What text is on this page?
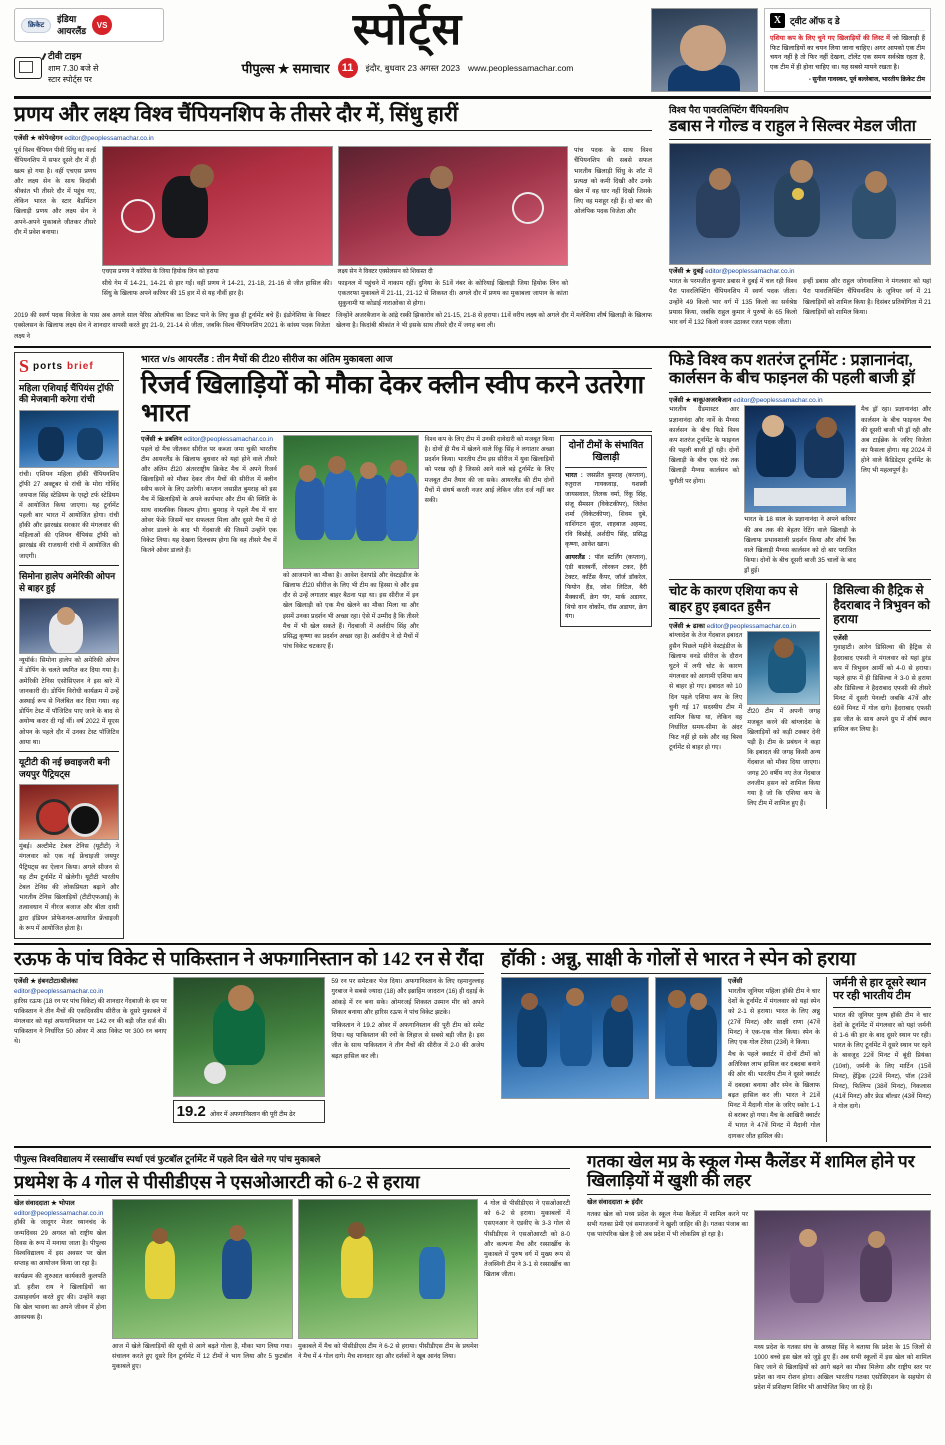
क्रिकेट
इंडिया
आयरलैंड
VS
टीवी टाइम
शाम 7.30 बजे से
स्टार स्पोर्ट्स पर
स्पोर्ट्स
पीपुल्स ★ समाचार	11	इंदौर, बुधवार 23 अगस्त 2023 www.peoplessamachar.com
X ट्वीट ऑफ द डे
एशिया कप के लिए चुने गए खिलाड़ियों की लिस्ट में जो खिलाड़ी हैं फिट खिलाड़ियों का चयन लिया जाना चाहिए। अगर आपको एक टीम चयन नहीं है तो फिर नहीं देखना, टॉलेंट एक समय सर्वश्रेष्ठ रहता है, एक टीम में ही होना चाहिए था। यह सबसे मायने रखता है।
- सुनील गावस्कर, पूर्व बल्लेबाज, भारतीय क्रिकेट टीम
प्रणय और लक्ष्य विश्व चैंपियनशिप के तीसरे दौर में, सिंधु हारीं
एजेंसी ★ कोपेनहेगन editor@peoplessamachar.co.in
पूर्व विश्व चैंपियन पीवी सिंधु का वर्ल्ड चैंपियनशिप में सफर दूसरे दौर में ही खत्म हो गया है। वहीं एचएस प्रणय और लक्ष्य सेन के साथ किदांबी श्रीकांत भी तीसरे दौर में पहुंच गए, लेकिन भारत के स्टार बैडमिंटन खिलाड़ी प्रणय और लक्ष्य सेन ने अपने-अपने मुकाबले जीतकर तीसरे दौर में प्रवेश बनाया।
एचएस प्रणय ने कोरिया के जिया हियोक लिन को हराया	लक्ष्य सेन ने विक्टर एक्सेलसन को शिकस्त दी
सीधे गेम में 14-21, 14-21 से हार गईं। वहीं प्रणय ने 14-21, 21-18, 21-16 से जीत हासिल की। सिंधु के खिलाफ अपने करियर की 15 हार में से यह नौवीं हार है।
फाइनल में पहुंचने में नाकाम रहीं। दुनिया के 51वें नंबर के कोरियाई खिलाड़ी जिया हियोक लिन को एकतरफा मुकाबले में 21-11, 21-12 से शिकस्त दी। अगले दौर में प्रणय का मुकाबला जापान के कांता सुकुनामी या कोडाई नाराओका से होगा।
पांच पदक के साथ विश्व चैंपियनशिप की सबसे सफल भारतीय खिलाड़ी सिंधु के शॉट में प्रत्यक्ष को कमी दिखी और उनके खेल में वह धार नहीं दिखी जिसके लिए वह मशहूर रही हैं। दो बार की ओलंपिक पदक विजेता और
2019 की स्वर्ण पदक विजेता के पास अब अगले साल पेरिस ओलंपिक का टिकट पाने के लिए कुछ ही टूर्नामेंट बचे हैं। इंडोनेशिया के विक्टर एक्सेलसन के खिलाफ लक्ष्य सेन ने शानदार वापसी करते हुए 21-9, 21-14 से जीता, जबकि विश्व चैंपियनशिप 2021 के कांस्य पदक विजेता लक्ष्य ने
जिन्होंने अजरबैजान के आंद्रे रस्की झिकारोव को 21-15, 21-8 से हराया। 11वें वरीय लक्ष्य को अगले दौर में मलेशिया शीर्ष खिलाड़ी के खिलाफ खेलना है। किदांबी श्रीकांत ने भी इसके साथ तीसरे दौर में जगह बना ली।
विश्व पैरा पावरलिफ्टिंग चैंपियनशिप
डबास ने गोल्ड व राहुल ने सिल्वर मेडल जीता
एजेंसी ★ दुबई editor@peoplessamachar.co.in
भारत के परमजीत कुमार डबास ने दुबई में चल रही विश्व पैरा पावरलिफ्टिंग चैंपियनशिप में स्वर्ण पदक जीता। उन्होंने 49 किलो भार वर्ग में 135 किलो का सर्वश्रेष्ठ प्रयास किया, जबकि राहुल कुमार ने पुरुषों के 65 किलो भार वर्ग में 132 किलो वजन उठाकर रजत पदक जीता।
इन्हीं डबास और राहुल जोगवालिया ने मंगलवार को यहां पैरा पावरलिफ्टिंग चैंपियनशिप के जूनियर वर्ग में 21 खिलाड़ियों को शामिल किया है। दिसंबर प्रतियोगिता में 21 खिलाड़ियों को शामिल किया।
S ports brief
महिला एशियाई चैंपियंस ट्रॉफी की मेजबानी करेगा रांची
रांची। एशियन महिला हॉकी चैंपियनशिप ट्रॉफी 27 अक्टूबर से रांची के मोरा गोविंद जयपाल सिंह स्टेडियम के एस्ट्रो टर्फ स्टेडियम में आयोजित किया जाएगा। यह टूर्नामेंट पहली बार भारत में आयोजित होगा। रांची हॉकी और झारखंड सरकार की मंगलवार की महिलाओं की एशियन चैंपियंस ट्रॉफी को झारखंड की राजधानी रांची में आयोजित की जाएगी।
सिमोना हालेप अमेरिकी ओपन से बाहर हुई
न्यूयॉर्क। सिमोना हालेप को अमेरिकी ओपन में डोपिंग के चलते स्थगित कर दिया गया है। अमेरिकी टेनिस एसोसिएशन ने इस बारे में जानकारी दी। डोपिंग विरोधी कार्यक्रम में उन्हें अस्थाई रूप से निलंबित कर दिया गया। वह डोपिंग टेस्ट में पॉजिटिव पाए जाने के बाद से अयोग्य करार दी गईं थीं। वर्ष 2022 में यूएस ओपन के पहले दौर में उनका टेस्ट पॉजिटिव आया था।
यूटीटी की नई छवाइजरी बनी जयपुर पैट्रियट्स
मुंबई। अल्टीमेट टेबल टेनिस (यूटीटी) ने मंगलवार को एक नई फ्रेंचाइजी जयपुर पैट्रियट्स का ऐलान किया। अगले सीजन से यह टीम टूर्नामेंट में खेलेगी। यूटीटी भारतीय टेबल टेनिस की लोकप्रियता बढ़ाने और भारतीय टेनिस खिलाड़ियों (टीटीएफआई) के तत्वावधान में नीरज बजाज और बीता दासी द्वारा इंडियन प्रोफेशनल-आधारित फ्रेंचाइजी के रूप में आयोजित होता है।
भारत v/s आयरलैंड : तीन मैचों की टी20 सीरीज का अंतिम मुकाबला आज
रिजर्व खिलाड़ियों को मौका देकर क्लीन स्वीप करने उतरेगा भारत
एजेंसी ★ डबलिन editor@peoplessamachar.co.in
पहले दो मैच जीतकर सीरीज पर कब्जा जमा चुकी भारतीय टीम आयरलैंड के खिलाफ बुधवार को यहां होने वाले तीसरे और अंतिम टी20 अंतरराष्ट्रीय क्रिकेट मैच में अपने रिजर्व खिलाड़ियों को मौका देकर तीन मैचों की सीरीज में क्लीन स्वीप करने के लिए उतरेगी। कप्तान जसप्रीत बुमराह को इस मैच में खिलाड़ियों के अपने कार्यभार और टीम की स्थिति के साथ वास्तविक विकल्प होगा। बुमराह ने पहले मैच में चार ओवर फेंके जिसमें चार सफलता मिला और दूसरे मैच में दो ओवर डालने के बाद भी गेंदबाजी की जिसमें उन्होंने एक विकेट लिया। यह देखना दिलचस्प होगा कि वह तीसरे मैच में कितने ओवर डालते हैं।
को आजमाने का मौका है। आवेश देशपांडे और वेस्टइंडीज के खिलाफ टी20 सीरीज के लिए भी टीम का हिस्सा थे और इस दौर से उन्हें लगातार बाहर बैठना पड़ा था। इस सीरीज में इन खेल खिलाड़ी को एक मैच खेलने का मौका मिला था और इसमें उनका प्रदर्शन भी अच्छा रहा। ऐसे में उम्मीद है कि तीसरे मैच में भी खेल सकते हैं। गेंदबाजी में अर्शदीप सिंह और प्रसिद्ध कृष्णा का प्रदर्शन अच्छा रहा है। अर्शदीप ने दो मैचों में पांच विकेट चटकाए हैं।
विश्व कप के लिए टीम में उनकी दावेदारी को मजबूत किया है। दोनों ही मैच में खेलने वाले रिंकू सिंह ने लगातार अच्छा प्रदर्शन किया। भारतीय टीम इस सीरीज में युवा खिलाड़ियों को परख रही है जिससे आने वाले बड़े टूर्नामेंट के लिए मजबूत टीम तैयार की जा सके। आयरलैंड की टीम दोनों मैचों में संघर्ष करती नजर आई लेकिन जीत दर्ज नहीं कर सकी।
दोनों टीमों के संभावित खिलाड़ी
भारत : जसप्रीत बुमराह (कप्तान), रुतुराज गायकवाड़, यशस्वी जायसवाल, तिलक वर्मा, रिंकू सिंह, संजू सैमसन (विकेटकीपर), जितेश शर्मा (विकेटकीपर), शिवम दुबे, वाशिंगटन सुंदर, शाहबाज अहमद, रवि बिश्नोई, अर्शदीप सिंह, प्रसिद्ध कृष्णा, आवेश खान।
आयरलैंड : पॉल स्टर्लिंग (कप्तान), एंडी बालबर्नी, लोरकन टकर, हैरी टेक्टर, कर्टिस कैंपर, जॉर्ज डॉकरेल, फियोन हैंड, जोश लिटिल, बैरी मैक्कार्थी, क्रेग यंग, मार्क अडायर, थियो वान वोर्कोम, रॉस अडायर, क्रेग यंग।
फिडे विश्व कप शतरंज टूर्नामेंट : प्रज्ञानानंदा, कार्लसन के बीच फाइनल की पहली बाजी ड्रॉ
एजेंसी ★ बाकू/अजरबैजान editor@peoplessamachar.co.in
भारतीय ग्रैंडमास्टर आर प्रज्ञानानंदा और नार्वे के मैग्नस कार्लसन के बीच फिडे विश्व कप शतरंज टूर्नामेंट के फाइनल की पहली बाजी ड्रॉ रही। दोनों खिलाड़ी के बीच एक घंटे तक खिलाड़ी मैग्नस कार्लसन को चुनौती पर होगा।
भारत के 18 साल के प्रज्ञानानंदा ने अपने करियर की अब तक की बेहतर रेटिंग वाले खिलाड़ी के खिलाफ प्रभावशाली प्रदर्शन किया और शीर्ष रैंक वाले खिलाड़ी मैग्नस कार्लसन को दो बार पराजित किया। दोनों के बीच दूसरी बाजी 35 चालों के बाद ड्रॉ हुई।
मैच ड्रॉ रहा। प्रज्ञानानंदा और कार्लसन के बीच फाइनल मैच की दूसरी बाजी भी ड्रॉ रही और अब टाईब्रेक के जरिए विजेता का फैसला होगा। यह 2024 में होने वाले कैंडिडेट्स टूर्नामेंट के लिए भी महत्वपूर्ण है।
चोट के कारण एशिया कप से बाहर हुए इबादत हुसैन
एजेंसी ★ ढाका editor@peoplessamachar.co.in
बांग्लादेश के तेज गेंदबाज इबादत हुसैन पिछले महीने वेस्टइंडीज के खिलाफ वनडे सीरीज के दौरान घुटने में लगी चोट के कारण मंगलवार को आगामी एशिया कप से बाहर हो गए। इबादत को 10 दिन पहले एशिया कप के लिए चुनी गई 17 सदस्यीय टीम में शामिल किया था, लेकिन वह निर्धारित समय-सीमा के अंदर फिट नहीं हो सके और वह बिश्व टूर्नामेंट से बाहर हो गए।
टी20 टीम में अपनी जगह मजबूत करने की बांग्लादेश के खिलाड़ियों को कड़ी टक्कर देनी पड़ी है। टीम के प्रबंधन ने कहा कि इबादत की जगह किसी अन्य गेंदबाज को मौका दिया जाएगा। जगह 20 वर्षीय नए तेज गेंदबाज तनजीम हसन को शामिल किया गया है जो कि एशिया कप के लिए टीम में शामिल हुए हैं।
डिसिल्वा की हैट्रिक से हैदराबाद ने त्रिभुवन को हराया
एजेंसी
गुवाहाटी। आरेन डिसिल्वा की हैट्रिक से हैदराबाद एफसी ने मंगलवार को यहां डूरंड कप में त्रिभुवन आर्मी को 4-0 से हराया। पहले हाफ में ही डिसिल्वा ने 3-0 से हराया और डिसिल्वा ने हैदराबाद एफसी की तीसरे मिनट में दूसरी पेनल्टी जबकि 47वें और 69वें मिनट में गोल दागे। हैदराबाद एफसी इस जीत के साथ अपने ग्रुप में शीर्ष स्थान हासिल कर लिया है।
रऊफ के पांच विकेट से पाकिस्तान ने अफगानिस्तान को 142 रन से रौंदा
एजेंसी ★ हंबनटोटा/श्रीलंका editor@peoplessamachar.co.in
हारिस रऊफ (18 रन पर पांच विकेट) की शानदार गेंदबाजी के दम पर पाकिस्तान ने तीन मैचों की एकदिवसीय सीरीज के दूसरे मुकाबले में मंगलवार को यहां अफगानिस्तान पर 142 रन की बड़ी जीत दर्ज की। पाकिस्तान ने निर्धारित 50 ओवर में आठ विकेट पर 300 रन बनाए थे।
19.2 ओवर में अफगानिस्तान की पूरी टीम ढेर
59 रन पर समेटकर भेज दिया। अफगानिस्तान के लिए रहमानुल्लाह गुरबाज ने सबसे ज्यादा (18) और इब्राहिम जादरान (16) ही दहाई के आंकड़े में रन बना सके। ओमरजई शिकस्त उस्मान मीर को अपने शिकार बनाया और हारिस रऊफ ने पांच विकेट झटके।
पाकिस्तान ने 19.2 ओवर में अफगानिस्तान की पूरी टीम को समेट दिया। यह पाकिस्तान की रनों के लिहाज से सबसे बड़ी जीत है। इस जीत के साथ पाकिस्तान ने तीन मैचों की सीरीज में 2-0 की अजेय बढ़त हासिल कर ली।
हॉकी : अन्नु, साक्षी के गोलों से भारत ने स्पेन को हराया
एजेंसी
भारतीय जूनियर महिला हॉकी टीम ने चार देशों के टूर्नामेंट में मंगलवार को यहां स्पेन को 2-1 से हराया। भारत के लिए अन्नु (27वें मिनट) और साक्षी राणा (47वें मिनट) ने एक-एक गोल किया। स्पेन के लिए एक गोल टेरेसा (23वें) ने किया।
मैच के पहले क्वार्टर में दोनों टीमों को अतिरिक्त लाभ हासिल कर दबदबा बनाने की ओर थी। भारतीय टीम ने दूसरे क्वार्टर में दबदबा बनाया और स्पेन के खिलाफ बढ़त हासिल कर ली। भारत ने 21वें मिनट में मैदानी गोल के जरिए स्कोर 1-1 से बराबर हो गया। मैच के आखिरी क्वार्टर में भारत ने 47वें मिनट में मैदानी गोल दागकर जीत हासिल की।
जर्मनी से हार दूसरे स्थान पर रही भारतीय टीम
भारत की जूनियर पुरुष हॉकी टीम ने चार देशों के टूर्नामेंट में मंगलवार को यहां जर्मनी से 1-6 की हार के बाद दूसरे स्थान पर रही। भारत के लिए टूर्नामेंट में दूसरे स्थान पर रहने के बावजूद 22वें मिनट में बूंदी प्रियंका (10वां), जर्मनी के लिए मार्टिन (15वें मिनट), हेंड्रिक (22वें मिनट), पॉल (23वें मिनट), फिलिप्प (38वें मिनट), निकलास (41वें मिनट) और फ्रेड बॉल्डर (43वें मिनट) ने गोल दागे।
पीपुल्स विश्वविद्यालय में रस्साखींच स्पर्धा एवं फुटबॉल टूर्नामेंट में पहले दिन खेले गए पांच मुकाबले
प्रथमेश के 4 गोल से पीसीडीएस ने एसओआरटी को 6-2 से हराया
खेल संवाददाता ★ भोपाल editor@peoplessamachar.co.in
हॉकी के जादूगर मेजर ध्यानचंद के जन्मदिवस 29 अगस्त को राष्ट्रीय खेल दिवस के रूप में मनाया जाता है। पीपुल्स विश्वविद्यालय में इस अवसर पर खेल सप्ताह का आयोजन किया जा रहा है।
कार्यक्रम की शुरुआत कार्यकारी कुलपति डॉ. हरीश राय ने खिलाड़ियों का उत्साहवर्धन करते हुए की। उन्होंने कहा कि खेल भावना का अपने जीवन में होना आवश्यक है।
आज में खेले खिलाड़ियों की सूची से आगे बढ़ते गोला है, मौका भाग लिया गया। संचालन करते हुए दूसरे दिन टूर्नामेंट में 12 टीमों ने भाग लिया और 5 फुटबॉल मुकाबले हुए।
मुकाबले में मैच को पीसीडीएस टीम ने 6-2 से हराया। पीसीडीएस टीम के प्रथमेश ने मैच में 4 गोल दागे। मैच शानदार रहा और दर्शकों ने खूब आनंद लिया।
4 गोल से पीसीडीएस ने एसओआरटी को 6-2 से हराया। मुकाबलों में एसएनआर ने एडवीए के 3-3 गोल से पीसीडीएस ने एसओआरटी को 8-0 और कल्पना मैच और रस्साखींच के मुकाबले में पुरुष वर्ग में मुख्य रूप से तेजस्विनी टीम ने 3-1 से रस्साखींच का खिताब जीता।
गतका खेल मप्र के स्कूल गेम्स कैलेंडर में शामिल होने पर खिलाड़ियों में खुशी की लहर
खेल संवाददाता ★ इंदौर
गतका खेल को मध्य प्रदेश के स्कूल गेम्स कैलेंडर में शामिल करने पर सभी गतका प्रेमी एवं समाजजनों ने खुशी जाहिर की है। गतका पंजाब का एक पारंपरिक खेल है जो अब प्रदेश में भी लोकप्रिय हो रहा है।
मध्य प्रदेश के गतका संघ के अध्यक्ष सिंह ने बताया कि प्रदेश के 15 जिलों से 1000 बच्चे इस खेल को जुड़े हुए हैं। अब सभी स्कूलों में इस खेल को शामिल किए जाने से खिलाड़ियों को आगे बढ़ने का मौका मिलेगा और राष्ट्रीय स्तर पर प्रदेश का नाम रोशन होगा। अखिल भारतीय गतका एसोसिएशन के सहयोग से प्रदेश में प्रशिक्षण शिविर भी आयोजित किए जा रहे हैं।
